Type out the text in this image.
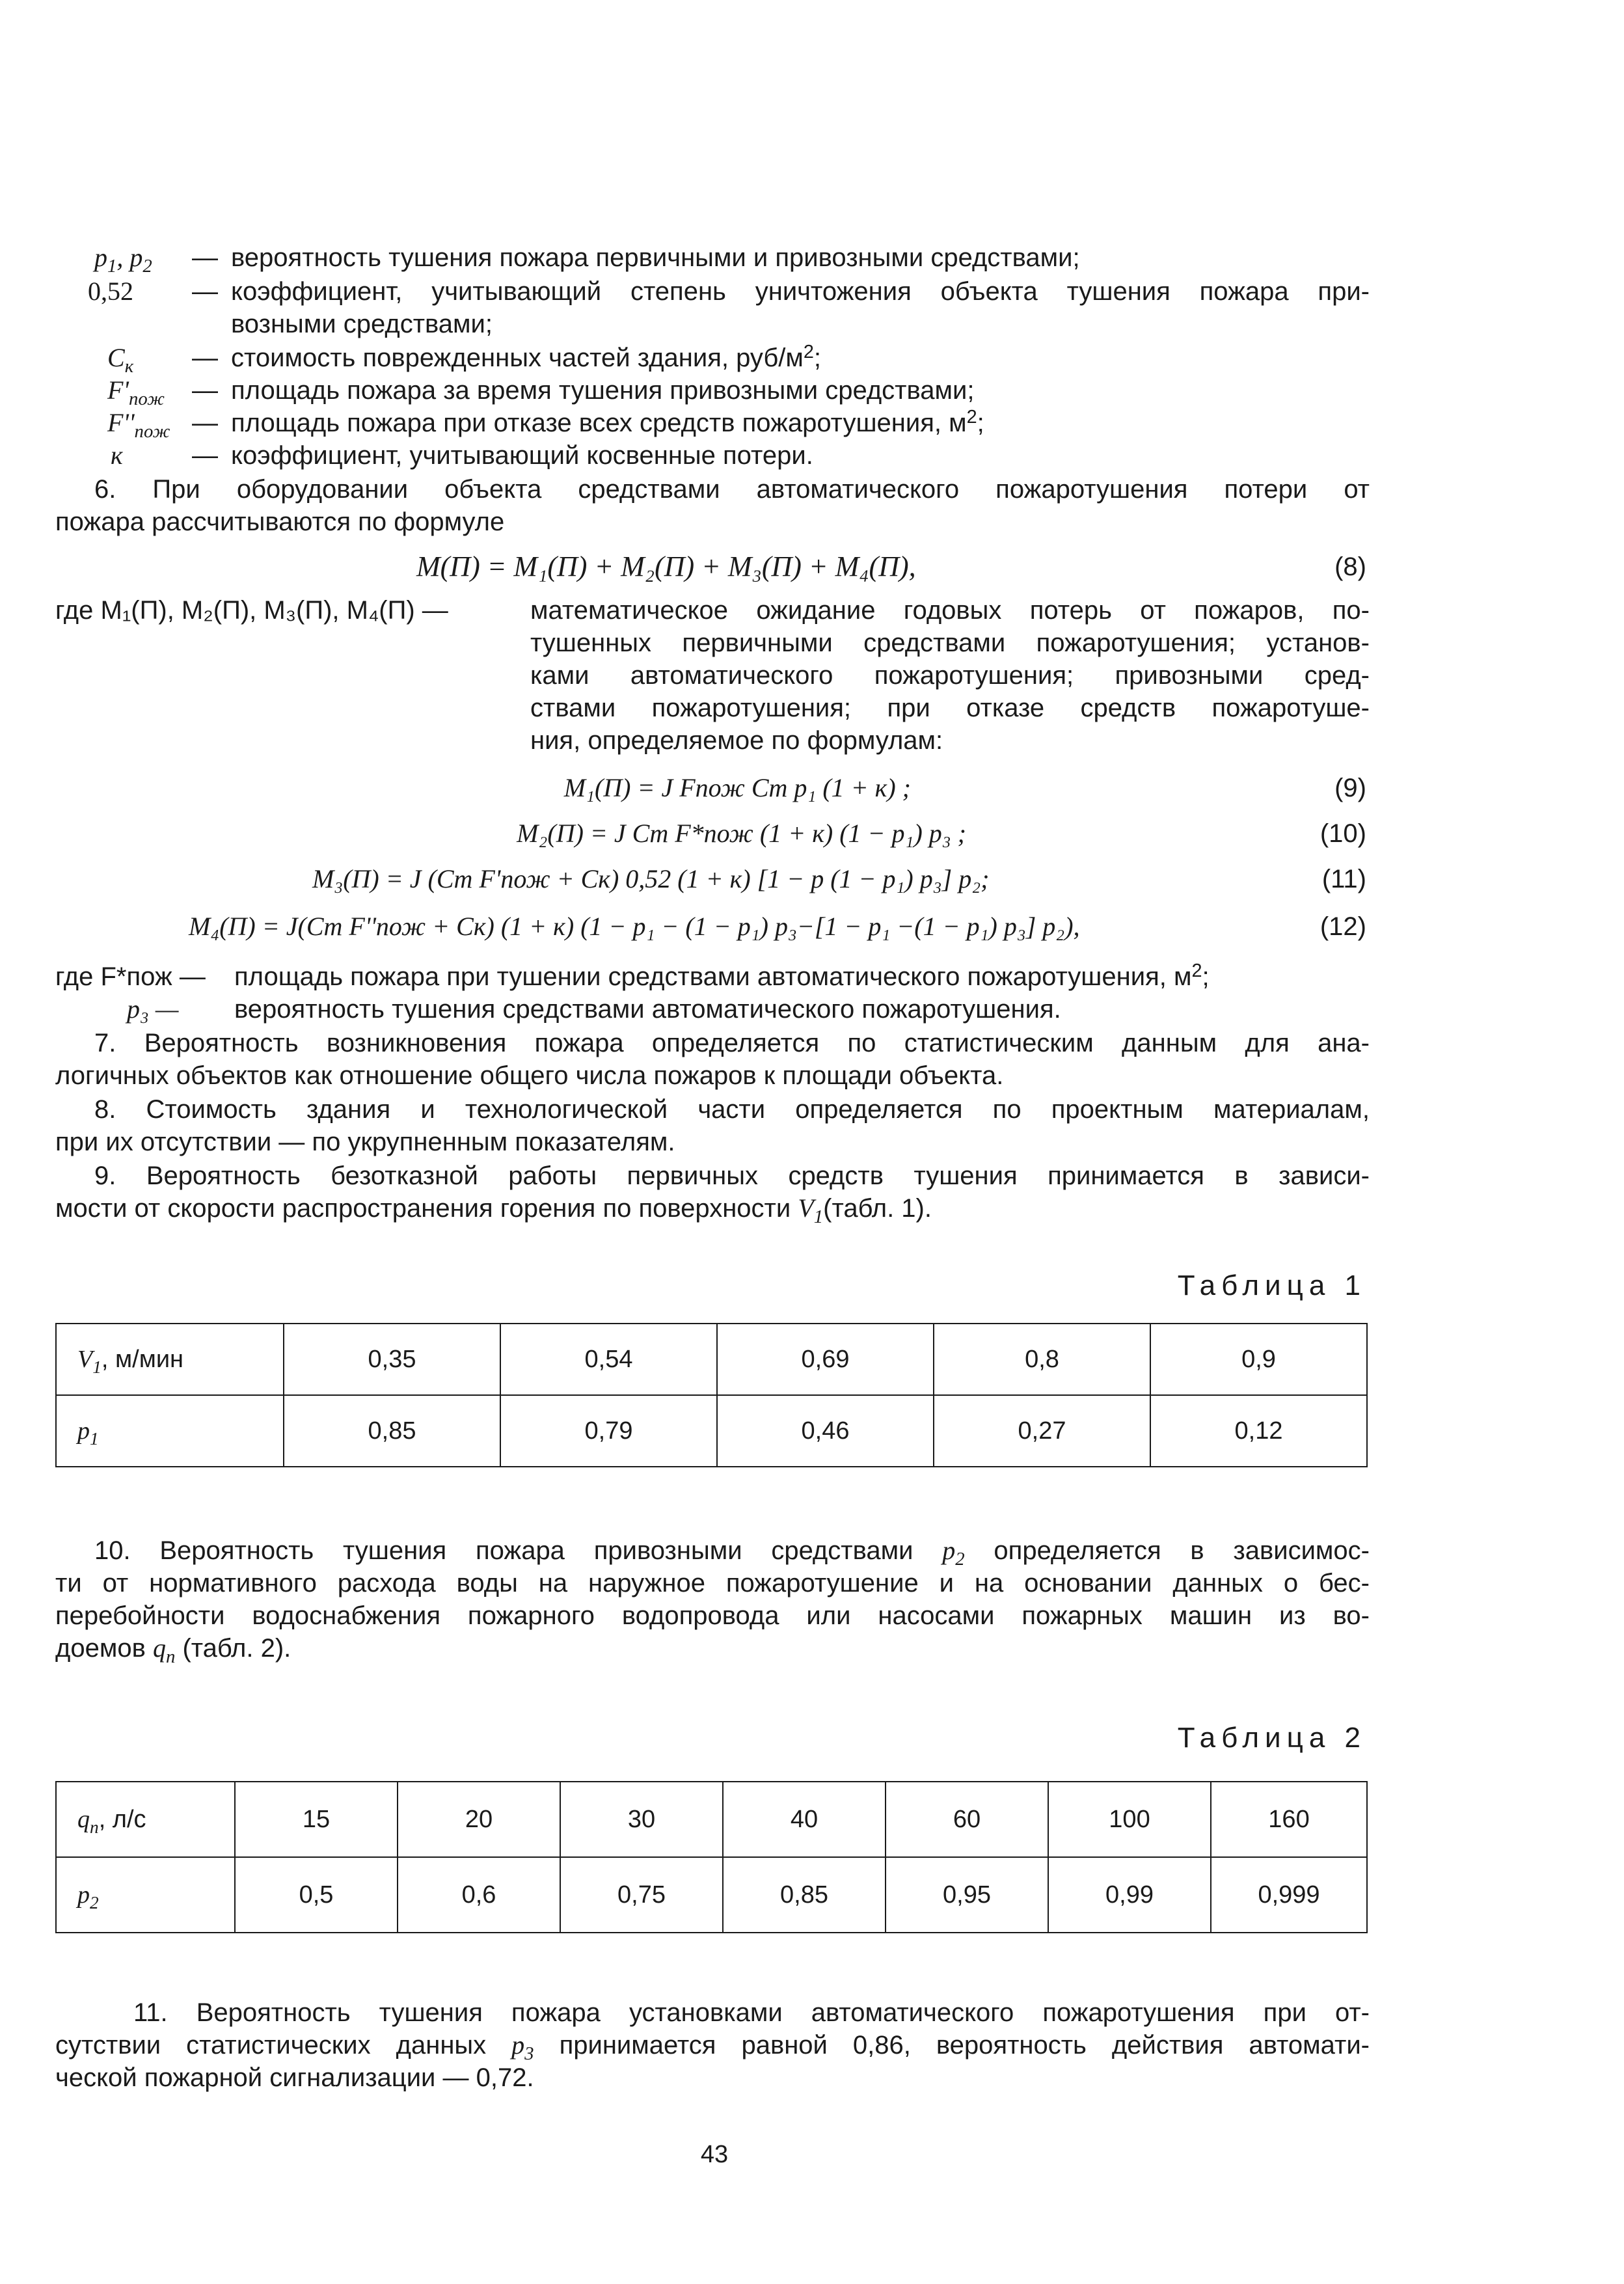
$p_1$, $p_2$ — вероятность тушения пожара первичными и привозными средствами;
0,52 — коэффициент, учитывающий степень уничтожения объекта тушения пожара при-
возными средствами;
$С_к$ — стоимость поврежденных частей здания, руб/$м^2$;
$F'_{пож}$ — площадь пожара за время тушения привозными средствами;
$F''_{пож}$ — площадь пожара при отказе всех средств пожаротушения, $м^2$;
к	— коэффициент, учитывающий косвенные потери.
6. При оборудовании объекта средствами автоматического пожаротушения потери от
пожара рассчитываются по формуле
M(П) = M₁(П) + M₂(П) + M₃(П) + M₄(П),	(8)
где M₁(П), M₂(П), M₃(П), M₄(П) —	математическое ожидание годовых потерь от пожаров, по-
тушенных первичными средствами пожаротушения; установ-
ками автоматического пожаротушения; привозными сред-
ствами пожаротушения; при отказе средств пожаротуше-
ния, определяемое по формулам:
M₁(П) = J Fпож Cт p₁ (1 + к) ;	(9)
M₂(П) = J Cт F*пож (1 + к) (1 − p₁) p₃ ;	(10)
M₃(П) = J (Cт F'пож + Cк) 0,52 (1 + к) [1 − p (1 − p₁) p₃] p₂;	(11)
M₄(П) = J(Cт F''пож + Cк) (1 + к) (1 − p₁ − (1 − p₁) p₃−[1 − p₁ −(1 − p₁) p₃] p₂),	(12)
где F*пож — площадь пожара при тушении средствами автоматического пожаротушения, $м^2$;
p₃ — вероятность тушения средствами автоматического пожаротушения.
7. Вероятность возникновения пожара определяется по статистическим данным для ана-
логичных объектов как отношение общего числа пожаров к площади объекта.
8. Стоимость здания и технологической части определяется по проектным материалам,
при их отсутствии — по укрупненным показателям.
9. Вероятность безотказной работы первичных средств тушения принимается в зависи-
мости от скорости распространения горения по поверхности $V_1(табл$. 1).
Таблица 1
$V_1$, м/мин	0,35	0,54	0,69	0,8	0,9
$p_1$	0,85	0,79	0,46	0,27	0,12
10. Вероятность тушения пожара привозными средствами $p_2$ определяется в зависимос-
ти от нормативного расхода воды на наружное пожаротушение и на основании данных о бес-
перебойности водоснабжения пожарного водопровода или насосами пожарных машин из во-
доемов $q_п$ (табл. 2).
Таблица 2
$q_п$, л/с	15	20	30	40	60	100	160
$p_2$	0,5	0,6	0,75	0,85	0,95	0,99	0,999
11. Вероятность тушения пожара установками автоматического пожаротушения при от-
сутствии статистических данных $p_3$ принимается равной 0,86, вероятность действия автомати-
ческой пожарной сигнализации — 0,72.
43
